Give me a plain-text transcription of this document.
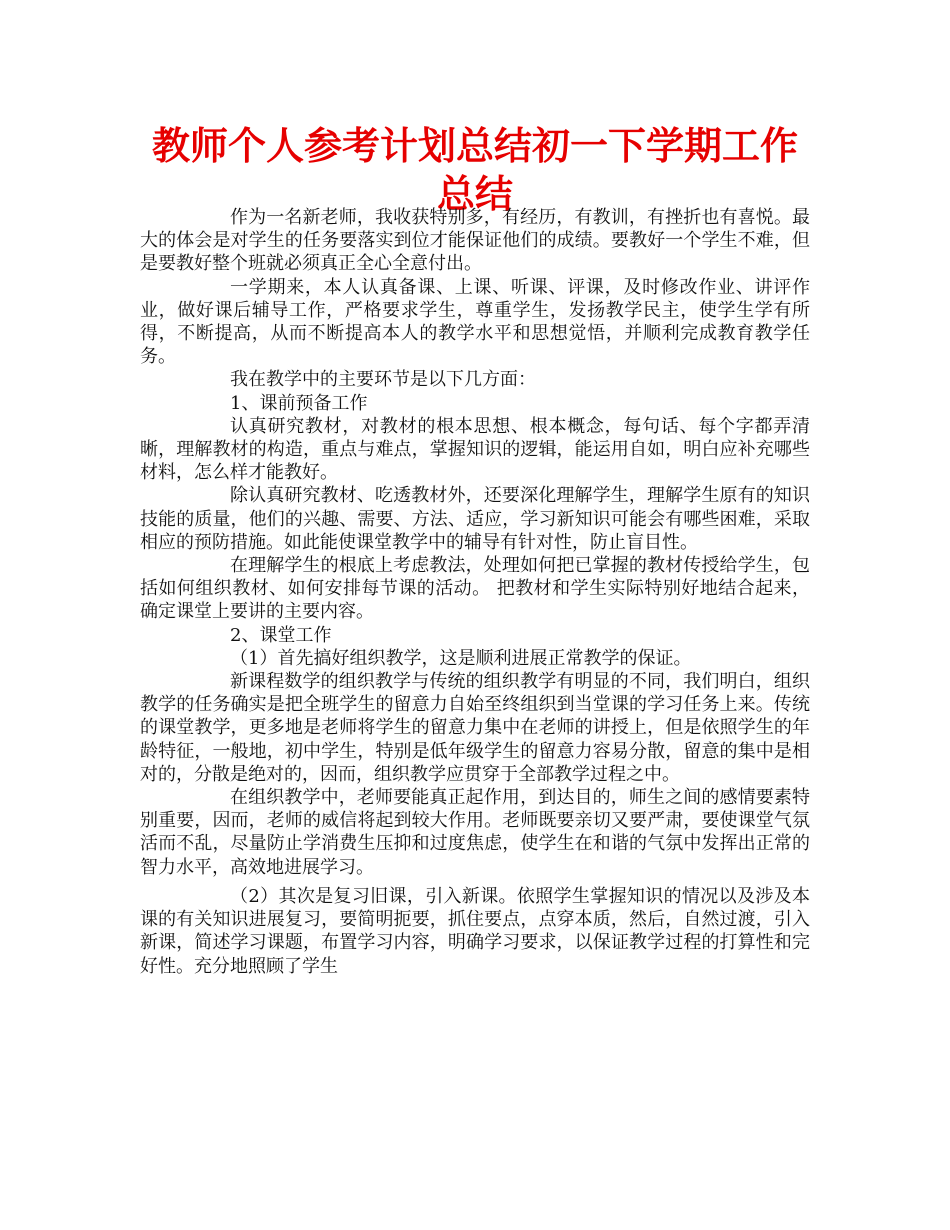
教师个人参考计划总结初一下学期工作总结

作为一名新老师，我收获特别多，有经历，有教训，有挫折也有喜悦。最大的体会是对学生的任务要落实到位才能保证他们的成绩。要教好一个学生不难，但是要教好整个班就必须真正全心全意付出。

一学期来，本人认真备课、上课、听课、评课，及时修改作业、讲评作业，做好课后辅导工作，严格要求学生，尊重学生，发扬教学民主，使学生学有所得，不断提高，从而不断提高本人的教学水平和思想觉悟，并顺利完成教育教学任务。

我在教学中的主要环节是以下几方面：

1、课前预备工作

认真研究教材，对教材的根本思想、根本概念，每句话、每个字都弄清晰，理解教材的构造，重点与难点，掌握知识的逻辑，能运用自如，明白应补充哪些材料，怎么样才能教好。

除认真研究教材、吃透教材外，还要深化理解学生，理解学生原有的知识技能的质量，他们的兴趣、需要、方法、适应，学习新知识可能会有哪些困难，采取相应的预防措施。如此能使课堂教学中的辅导有针对性，防止盲目性。

在理解学生的根底上考虑教法，处理如何把已掌握的教材传授给学生，包括如何组织教材、如何安排每节课的活动。 把教材和学生实际特别好地结合起来，确定课堂上要讲的主要内容。

2、课堂工作

（1）首先搞好组织教学，这是顺利进展正常教学的保证。

新课程数学的组织教学与传统的组织教学有明显的不同，我们明白，组织教学的任务确实是把全班学生的留意力自始至终组织到当堂课的学习任务上来。传统的课堂教学，更多地是老师将学生的留意力集中在老师的讲授上，但是依照学生的年龄特征，一般地，初中学生，特别是低年级学生的留意力容易分散，留意的集中是相对的，分散是绝对的，因而，组织教学应贯穿于全部教学过程之中。

在组织教学中，老师要能真正起作用，到达目的，师生之间的感情要素特别重要，因而，老师的威信将起到较大作用。老师既要亲切又要严肃，要使课堂气氛活而不乱，尽量防止学消费生压抑和过度焦虑，使学生在和谐的气氛中发挥出正常的智力水平，高效地进展学习。

（2）其次是复习旧课，引入新课。依照学生掌握知识的情况以及涉及本课的有关知识进展复习，要简明扼要，抓住要点，点穿本质，然后，自然过渡，引入新课，简述学习课题，布置学习内容，明确学习要求，以保证教学过程的打算性和完好性。充分地照顾了学生
